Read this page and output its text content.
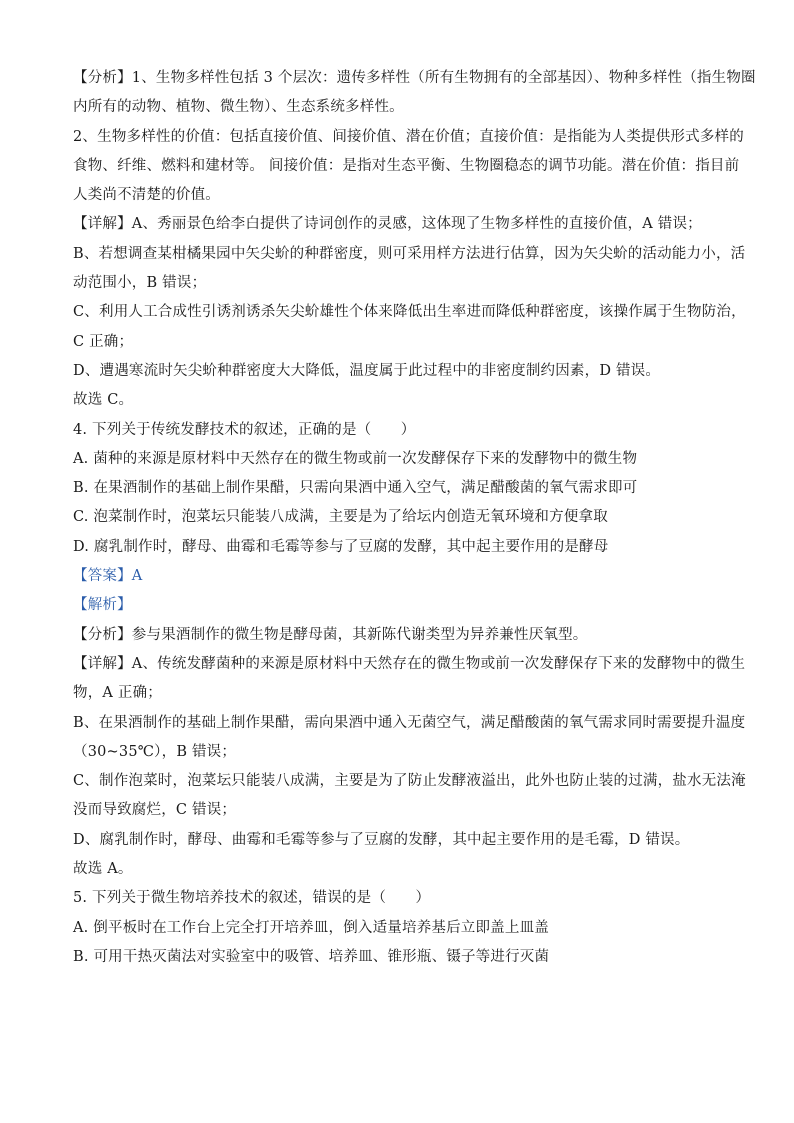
【分析】1、生物多样性包括 3 个层次：遗传多样性（所有生物拥有的全部基因）、物种多样性（指生物圈
内所有的动物、植物、微生物）、生态系统多样性。
2、生物多样性的价值：包括直接价值、间接价值、潜在价值；直接价值：是指能为人类提供形式多样的
食物、纤维、燃料和建材等。 间接价值：是指对生态平衡、生物圈稳态的调节功能。潜在价值：指目前
人类尚不清楚的价值。
【详解】A、秀丽景色给李白提供了诗词创作的灵感，这体现了生物多样性的直接价值，A 错误；
B、若想调查某柑橘果园中矢尖蚧的种群密度，则可采用样方法进行估算，因为矢尖蚧的活动能力小，活
动范围小，B 错误；
C、利用人工合成性引诱剂诱杀矢尖蚧雄性个体来降低出生率进而降低种群密度，该操作属于生物防治，
C 正确；
D、遭遇寒流时矢尖蚧种群密度大大降低，温度属于此过程中的非密度制约因素，D 错误。
故选 C。
4. 下列关于传统发酵技术的叙述，正确的是（　　）
A. 菌种的来源是原材料中天然存在的微生物或前一次发酵保存下来的发酵物中的微生物
B. 在果酒制作的基础上制作果醋，只需向果酒中通入空气，满足醋酸菌的氧气需求即可
C. 泡菜制作时，泡菜坛只能装八成满，主要是为了给坛内创造无氧环境和方便拿取
D. 腐乳制作时，酵母、曲霉和毛霉等参与了豆腐的发酵，其中起主要作用的是酵母
【答案】A
【解析】
【分析】参与果酒制作的微生物是酵母菌，其新陈代谢类型为异养兼性厌氧型。
【详解】A、传统发酵菌种的来源是原材料中天然存在的微生物或前一次发酵保存下来的发酵物中的微生
物，A 正确；
B、在果酒制作的基础上制作果醋，需向果酒中通入无菌空气，满足醋酸菌的氧气需求同时需要提升温度
（30~35℃），B 错误；
C、制作泡菜时，泡菜坛只能装八成满，主要是为了防止发酵液溢出，此外也防止装的过满，盐水无法淹
没而导致腐烂，C 错误；
D、腐乳制作时，酵母、曲霉和毛霉等参与了豆腐的发酵，其中起主要作用的是毛霉，D 错误。
故选 A。
5. 下列关于微生物培养技术的叙述，错误的是（　　）
A. 倒平板时在工作台上完全打开培养皿，倒入适量培养基后立即盖上皿盖
B. 可用干热灭菌法对实验室中的吸管、培养皿、锥形瓶、镊子等进行灭菌
